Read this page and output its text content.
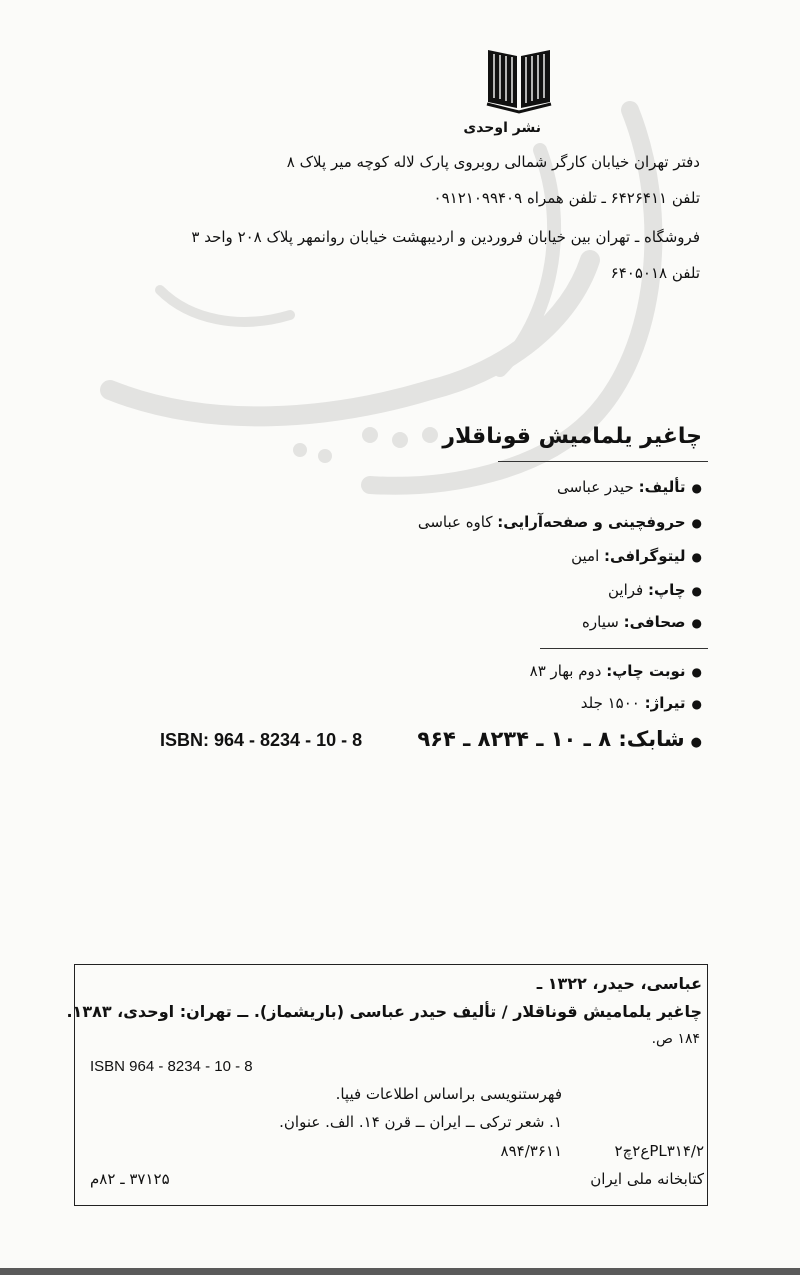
نشر اوحدی
دفتر تهران خیابان کارگر شمالی روبروی پارک لاله کوچه میر پلاک ۸
تلفن ۶۴۲۶۴۱۱ ـ تلفن همراه ۰۹۱۲۱۰۹۹۴۰۹
فروشگاه ـ تهران بین خیابان فروردین و اردیبهشت خیابان روانمهر پلاک ۲۰۸ واحد ۳
تلفن ۶۴۰۵۰۱۸
چاغیر یلمامیش قوناقلار
●تألیف: حیدر عباسی
●حروفچینی و صفحه‌آرایی: کاوه عباسی
●لیتوگرافی: امین
●چاپ: فراین
●صحافی: سیاره
●نوبت چاپ: دوم بهار ۸۳
●تیراژ: ۱۵۰۰ جلد
●شابک: ۸ ـ ۱۰ ـ ۸۲۳۴ ـ ۹۶۴
ISBN: 964 - 8234 - 10 - 8
عباسی، حیدر، ۱۳۲۲ ـ
چاغیر یلمامیش قوناقلار / تألیف حیدر عباسی (باریشماز). ــ تهران: اوحدی، ۱۳۸۳.
۱۸۴ ص.
ISBN 964 - 8234 - 10 - 8
فهرستنویسی براساس اطلاعات فیپا.
۱. شعر ترکی ــ ایران ــ قرن ۱۴. الف. عنوان.
PL۳۱۴/۲ع۲چ۲
۸۹۴/۳۶۱۱
کتابخانه ملی ایران
۳۷۱۲۵ ـ ۸۲م
